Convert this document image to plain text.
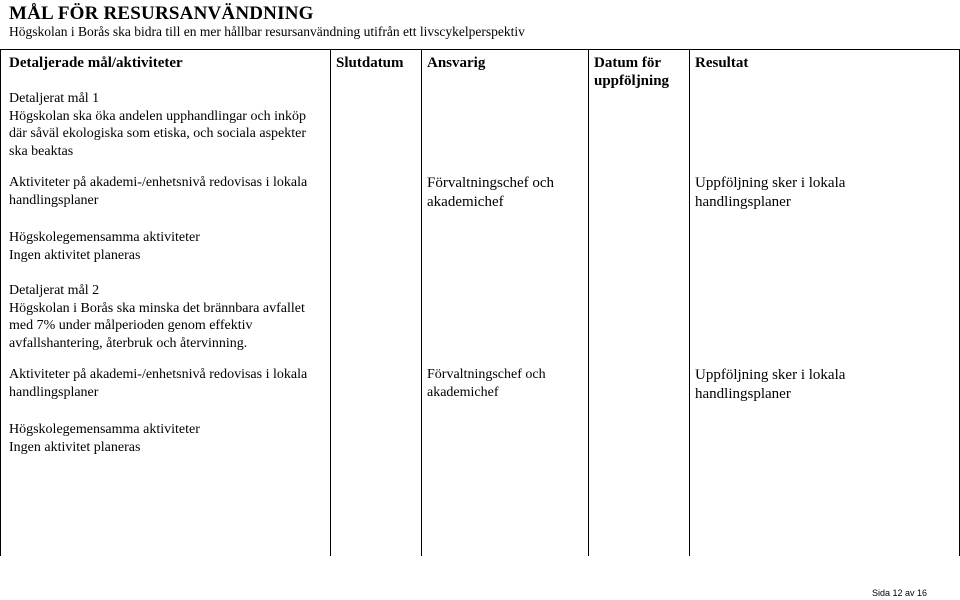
MÅL FÖR RESURSANVÄNDNING
Högskolan i Borås ska bidra till en mer hållbar resursanvändning utifrån ett livscykelperspektiv
Detaljerade mål/aktiviteter	Slutdatum Ansvarig	Datum för
uppföljning
Resultat
Detaljerat mål 1
Högskolan ska öka andelen upphandlingar och inköp
där såväl ekologiska som etiska, och sociala aspekter
ska beaktas
Aktiviteter på akademi-/enhetsnivå redovisas i lokala
handlingsplaner
Förvaltningschef och
akademichef
Uppföljning sker i lokala
handlingsplaner
Högskolegemensamma aktiviteter
Ingen aktivitet planeras
Detaljerat mål 2
Högskolan i Borås ska minska det brännbara avfallet
med 7% under målperioden genom effektiv
avfallshantering, återbruk och återvinning.
Aktiviteter på akademi-/enhetsnivå redovisas i lokala
handlingsplaner
Förvaltningschef och
akademichef
Uppföljning sker i lokala
handlingsplaner
Högskolegemensamma aktiviteter
Ingen aktivitet planeras
Sida 12 av 16
